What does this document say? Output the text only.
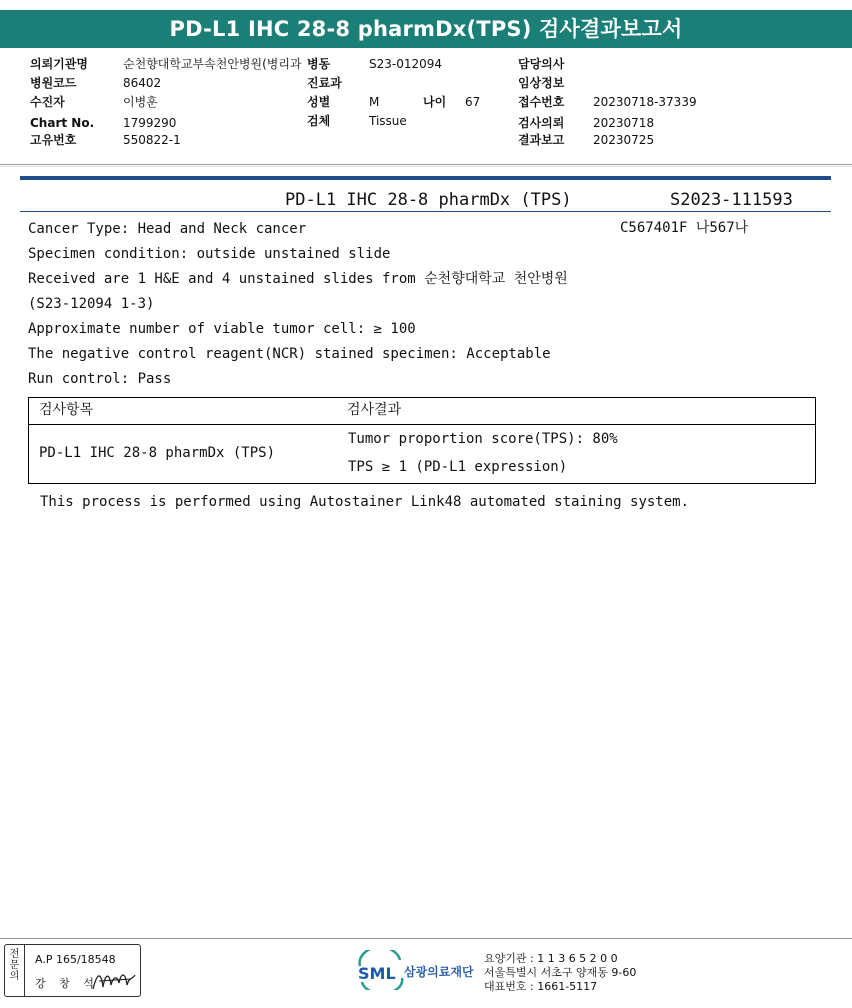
PD-L1 IHC 28-8 pharmDx(TPS) 검사결과보고서
의뢰기관명	순천향대학교부속천안병원(병리과 병동	S23-012094	담당의사
병원코드	86402	진료과	임상정보
수진자	이병훈	성별	M	나이 67	접수번호 20230718-37339
Chart No. 1799290	검체	Tissue	검사의뢰 20230718
고유번호	550822-1	결과보고 20230725
PD-L1 IHC 28-8 pharmDx (TPS)	S2023-111593
C567401F 나567나
Cancer Type: Head and Neck cancer
Specimen condition: outside unstained slide
Received are 1 H&E and 4 unstained slides from 순천향대학교 천안병원
(S23-12094 1-3)
Approximate number of viable tumor cell: ≥ 100
The negative control reagent(NCR) stained specimen: Acceptable
Run control: Pass
검사항목	검사결과
PD-L1 IHC 28-8 pharmDx (TPS)
Tumor proportion score(TPS): 80%
TPS ≥ 1 (PD-L1 expression)
This process is performed using Autostainer Link48 automated staining system.
전
문
의
A.P 165/18548
강 창 석
SML 삼광의료재단
요양기관 : 1 1 3 6 5 2 0 0
서울특별시 서초구 양재동 9-60
대표번호 : 1661-5117
